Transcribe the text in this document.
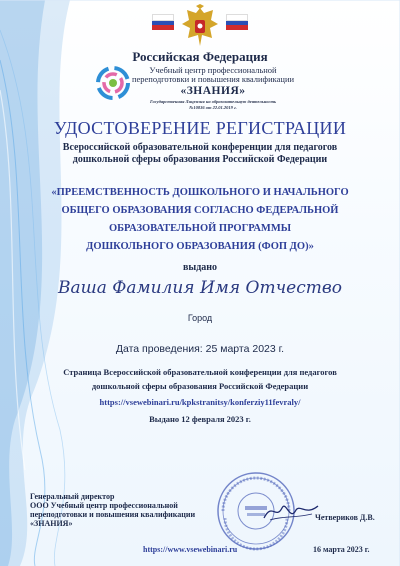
Российская Федерация
Учебный центр профессиональной
переподготовки и повышения квалификации
«ЗНАНИЯ»
Государственная Лицензия на образовательную деятельность
№10836 от 22.01.2019 г.
УДОСТОВЕРЕНИЕ РЕГИСТРАЦИИ
Всероссийской образовательной конференции для педагогов
дошкольной сферы образования Российской Федерации
«ПРЕЕМСТВЕННОСТЬ ДОШКОЛЬНОГО И НАЧАЛЬНОГО
ОБЩЕГО ОБРАЗОВАНИЯ СОГЛАСНО ФЕДЕРАЛЬНОЙ
ОБРАЗОВАТЕЛЬНОЙ ПРОГРАММЫ
ДОШКОЛЬНОГО ОБРАЗОВАНИЯ (ФОП ДО)»
выдано
Ваша Фамилия Имя Отчество
Город
Дата проведения: 25 марта 2023 г.
Страница Всероссийской образовательной конференции для педагогов
дошкольной сферы образования Российской Федерации
https://vsewebinari.ru/kpkstranitsy/konferziy11fevraly/
Выдано 12 февраля 2023 г.
Генеральный директор
ООО Учебный центр профессиональной
переподготовки и повышения квалификации
«ЗНАНИЯ»
Четвериков Д.В.
https://www.vsewebinari.ru	16 марта 2023 г.
